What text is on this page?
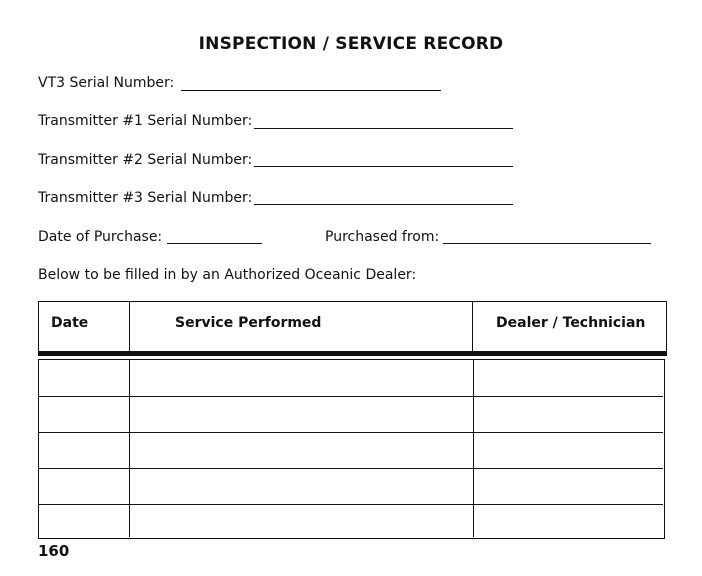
INSPECTION / SERVICE RECORD
VT3 Serial Number:
Transmitter #1 Serial Number:
Transmitter #2 Serial Number:
Transmitter #3 Serial Number:
Date of Purchase:	Purchased from:
Below to be filled in by an Authorized Oceanic Dealer:
Date	Service Performed	Dealer / Technician
160
